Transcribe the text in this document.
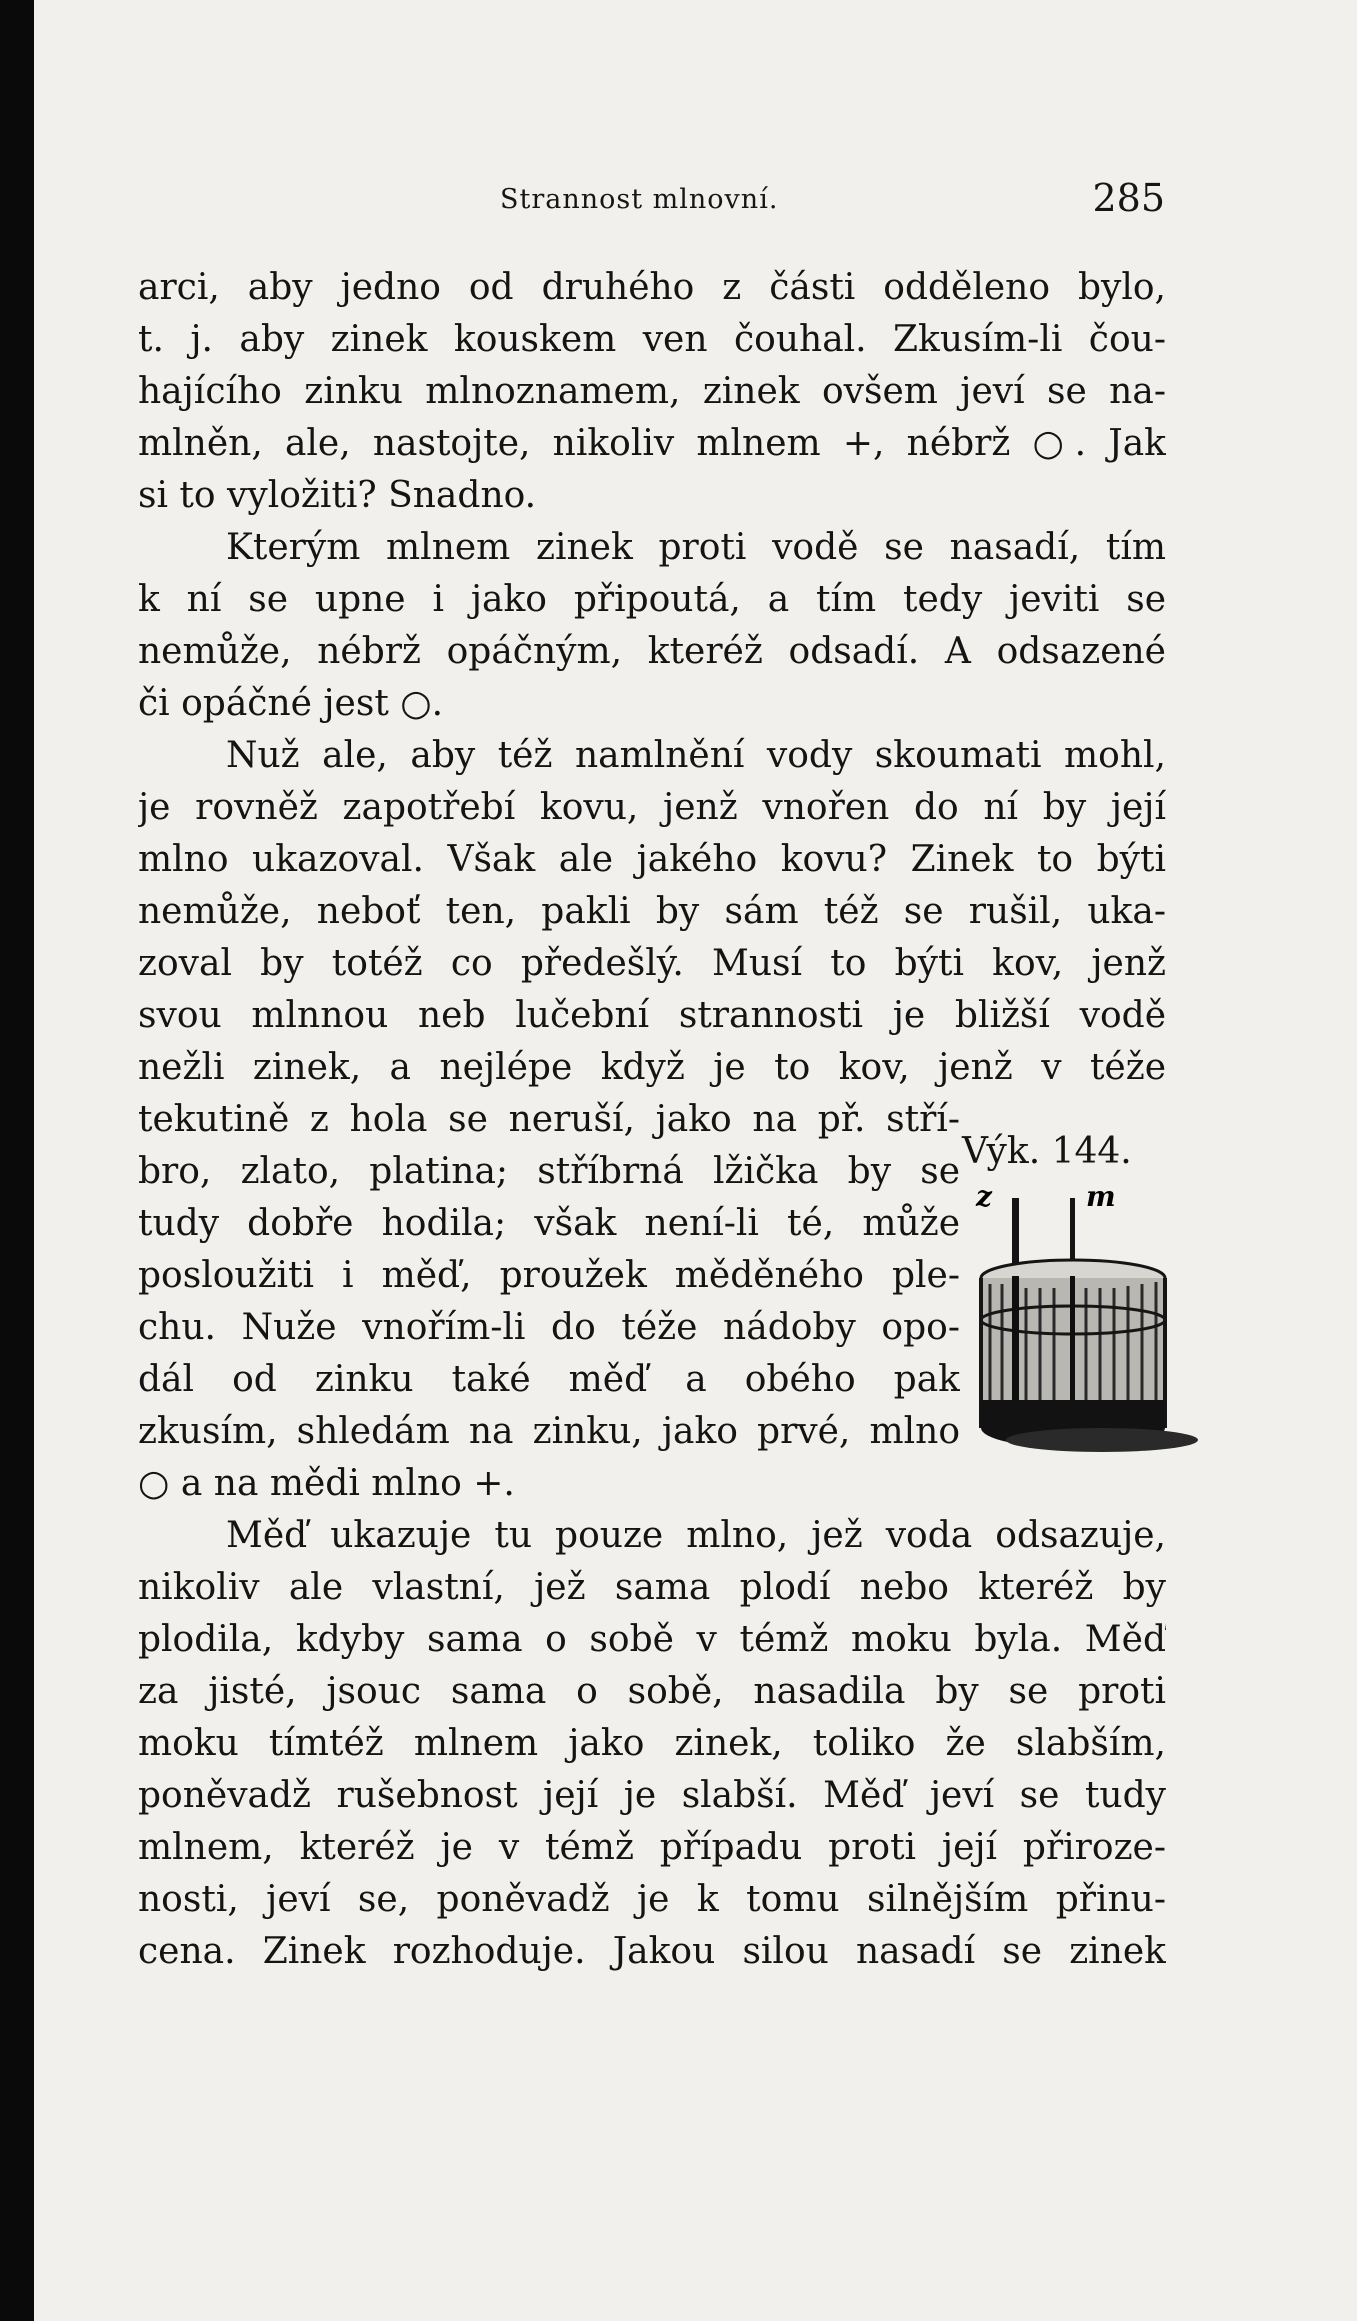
Strannost mlnovní.	285
arci, aby jedno od druhého z části odděleno bylo,
t. j. aby zinek kouskem ven čouhal. Zkusím-li čou-
hajícího zinku mlnoznamem, zinek ovšem jeví se na-
mlněn, ale, nastojte, nikoliv mlnem +, nébrž ○. Jak
si to vyložiti? Snadno.
Kterým mlnem zinek proti vodě se nasadí, tím
k ní se upne i jako připoutá, a tím tedy jeviti se
nemůže, nébrž opáčným, kteréž odsadí. A odsazené
či opáčné jest ○.
Nuž ale, aby též namlnění vody skoumati mohl,
je rovněž zapotřebí kovu, jenž vnořen do ní by její
mlno ukazoval. Však ale jakého kovu? Zinek to býti
nemůže, neboť ten, pakli by sám též se rušil, uka-
zoval by totéž co předešlý. Musí to býti kov, jenž
svou mlnnou neb lučební strannosti je bližší vodě
nežli zinek, a nejlépe když je to kov, jenž v téže
tekutině z hola se neruší, jako na př. stří-
bro, zlato, platina; stříbrná lžička by se
tudy dobře hodila; však není-li té, může
posloužiti i měď, proužek měděného ple-
chu. Nuže vnořím-li do téže nádoby opo-
dál od zinku také měď a obého pak
zkusím, shledám na zinku, jako prvé, mlno
○ a na mědi mlno +.
Měď ukazuje tu pouze mlno, jež voda odsazuje,
nikoliv ale vlastní, jež sama plodí nebo kteréž by
plodila, kdyby sama o sobě v témž moku byla. Měď
za jisté, jsouc sama o sobě, nasadila by se proti
moku tímtéž mlnem jako zinek, toliko že slabším,
poněvadž rušebnost její je slabší. Měď jeví se tudy
mlnem, kteréž je v témž případu proti její přiroze-
nosti, jeví se, poněvadž je k tomu silnějším přinu-
cena. Zinek rozhoduje. Jakou silou nasadí se zinek
Výk. 144.
z	m
